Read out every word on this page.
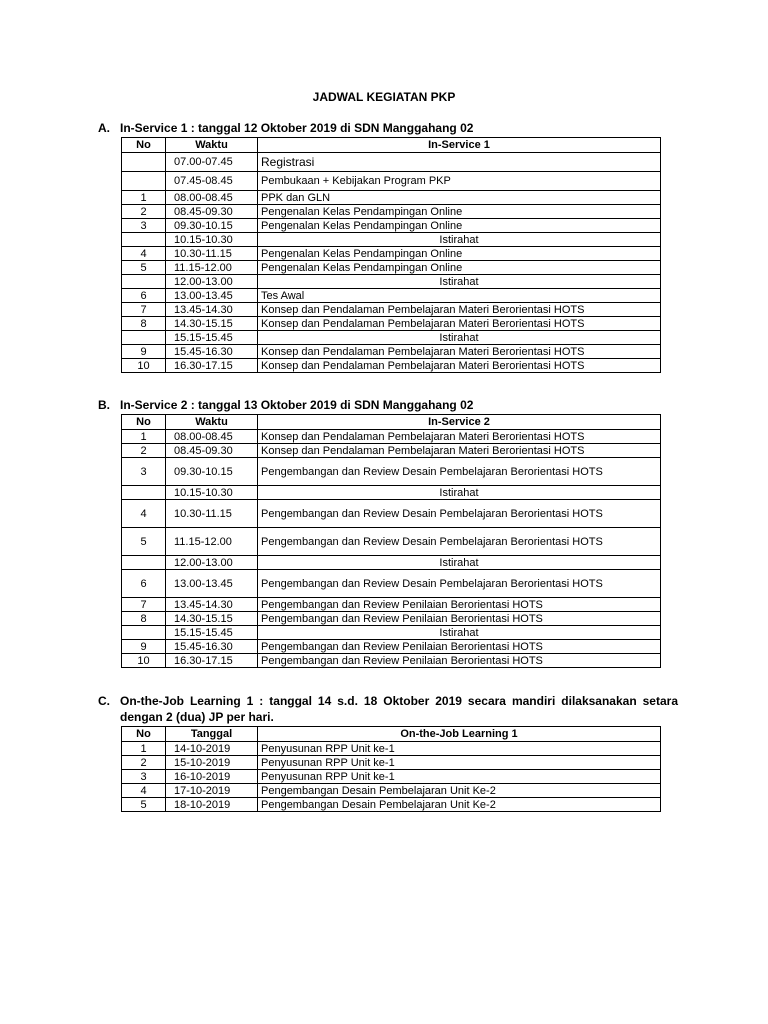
JADWAL KEGIATAN PKP
A. In-Service 1 : tanggal 12 Oktober 2019 di SDN Manggahang 02
No	Waktu	In-Service 1
	07.00-07.45	Registrasi
	07.45-08.45	Pembukaan + Kebijakan Program PKP
1	08.00-08.45	PPK dan GLN
2	08.45-09.30	Pengenalan Kelas Pendampingan Online
3	09.30-10.15	Pengenalan Kelas Pendampingan Online
	10.15-10.30	Istirahat
4	10.30-11.15	Pengenalan Kelas Pendampingan Online
5	11.15-12.00	Pengenalan Kelas Pendampingan Online
	12.00-13.00	Istirahat
6	13.00-13.45	Tes Awal
7	13.45-14.30	Konsep dan Pendalaman Pembelajaran Materi Berorientasi HOTS
8	14.30-15.15	Konsep dan Pendalaman Pembelajaran Materi Berorientasi HOTS
	15.15-15.45	Istirahat
9	15.45-16.30	Konsep dan Pendalaman Pembelajaran Materi Berorientasi HOTS
10	16.30-17.15	Konsep dan Pendalaman Pembelajaran Materi Berorientasi HOTS
B. In-Service 2 : tanggal 13 Oktober 2019 di SDN Manggahang 02
No	Waktu	In-Service 2
1	08.00-08.45	Konsep dan Pendalaman Pembelajaran Materi Berorientasi HOTS
2	08.45-09.30	Konsep dan Pendalaman Pembelajaran Materi Berorientasi HOTS
3	09.30-10.15	Pengembangan dan Review Desain Pembelajaran Berorientasi HOTS
	10.15-10.30	Istirahat
4	10.30-11.15	Pengembangan dan Review Desain Pembelajaran Berorientasi HOTS
5	11.15-12.00	Pengembangan dan Review Desain Pembelajaran Berorientasi HOTS
	12.00-13.00	Istirahat
6	13.00-13.45	Pengembangan dan Review Desain Pembelajaran Berorientasi HOTS
7	13.45-14.30	Pengembangan dan Review Penilaian Berorientasi HOTS
8	14.30-15.15	Pengembangan dan Review Penilaian Berorientasi HOTS
	15.15-15.45	Istirahat
9	15.45-16.30	Pengembangan dan Review Penilaian Berorientasi HOTS
10	16.30-17.15	Pengembangan dan Review Penilaian Berorientasi HOTS
C. On-the-Job Learning 1 : tanggal 14 s.d. 18 Oktober 2019 secara mandiri dilaksanakan setara dengan 2 (dua) JP per hari.
No	Tanggal	On-the-Job Learning 1
1	14-10-2019	Penyusunan RPP Unit ke-1
2	15-10-2019	Penyusunan RPP Unit ke-1
3	16-10-2019	Penyusunan RPP Unit ke-1
4	17-10-2019	Pengembangan Desain Pembelajaran Unit Ke-2
5	18-10-2019	Pengembangan Desain Pembelajaran Unit Ke-2
